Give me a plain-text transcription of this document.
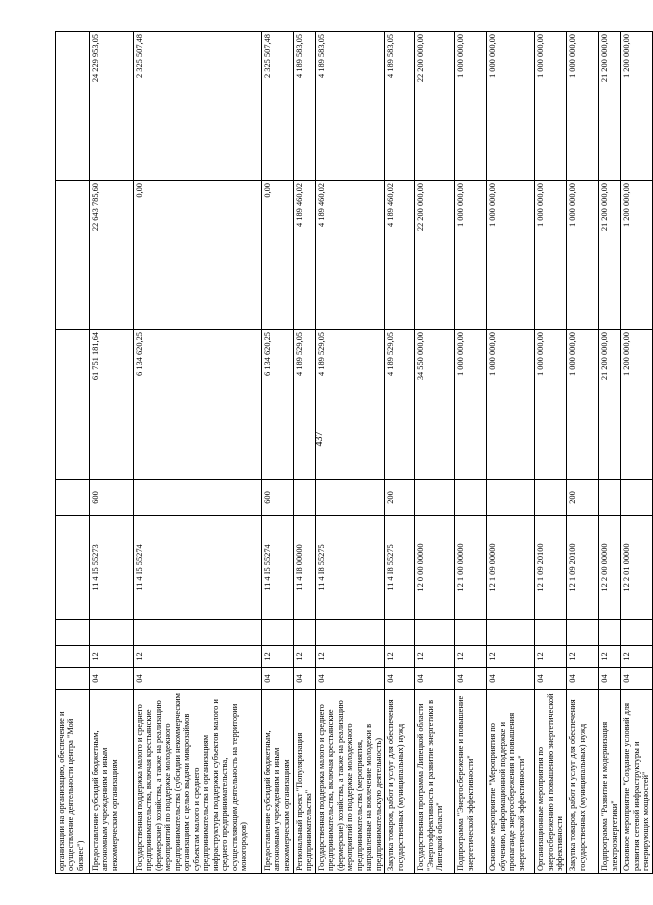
437
организации на организацию, обеспечение и осуществление деятельности центра "Мой бизнес")								
Предоставление субсидий бюджетным, автономным учреждениям и иным некоммерческим организациям	04	12		11 4 I5 55273	600	61 751 181,64	22 643 785,60	24 229 953,05
Государственная поддержка малого и среднего предпринимательства, включая крестьянские (фермерские) хозяйства, а также на реализацию мероприятий по поддержке молодежного предпринимательства (субсидии некоммерческим организациям с целью выдачи микрозаймов субъектам малого и среднего предпринимательства и организациям инфраструктуры поддержки субъектов малого и среднего предпринимательства, осуществляющим деятельность на территории моногородов)	04	12		11 4 I5 55274		6 134 620,25	0,00	2 325 507,48
Предоставление субсидий бюджетным, автономным учреждениям и иным некоммерческим организациям	04	12		11 4 I5 55274	600	6 134 620,25	0,00	2 325 507,48
Региональный проект "Популяризация предпринимательства"	04	12		11 4 I8 00000		4 189 529,05	4 189 460,02	4 189 583,05
Государственная поддержка малого и среднего предпринимательства, включая крестьянские (фермерские) хозяйства, а также на реализацию мероприятий по поддержке молодежного предпринимательства (мероприятия, направленные на вовлечение молодежи в предпринимательскую деятельность)	04	12		11 4 I8 55275		4 189 529,05	4 189 460,02	4 189 583,05
Закупка товаров, работ и услуг для обеспечения государственных (муниципальных) нужд	04	12		11 4 I8 55275	200	4 189 529,05	4 189 460,02	4 189 583,05
Государственная программа Липецкой области "Энергоэффективность и развитие энергетики в Липецкой области"	04	12		12 0 00 00000		34 550 000,00	22 200 000,00	22 200 000,00
Подпрограмма "Энергосбережение и повышение энергетической эффективности"	04	12		12 1 00 00000		1 000 000,00	1 000 000,00	1 000 000,00
Основное мероприятие "Мероприятия по обучению, информационной поддержке и пропаганде энергосбережения и повышения энергетической эффективности"	04	12		12 1 09 00000		1 000 000,00	1 000 000,00	1 000 000,00
Организационные мероприятия по энергосбережению и повышению энергетической эффективности	04	12		12 1 09 20100		1 000 000,00	1 000 000,00	1 000 000,00
Закупка товаров, работ и услуг для обеспечения государственных (муниципальных) нужд	04	12		12 1 09 20100	200	1 000 000,00	1 000 000,00	1 000 000,00
Подпрограмма "Развитие и модернизация электроэнергетики"	04	12		12 2 00 00000		21 200 000,00	21 200 000,00	21 200 000,00
Основное мероприятие "Создание условий для развития сетевой инфраструктуры и генерирующих мощностей"	04	12		12 2 01 00000		1 200 000,00	1 200 000,00	1 200 000,00
